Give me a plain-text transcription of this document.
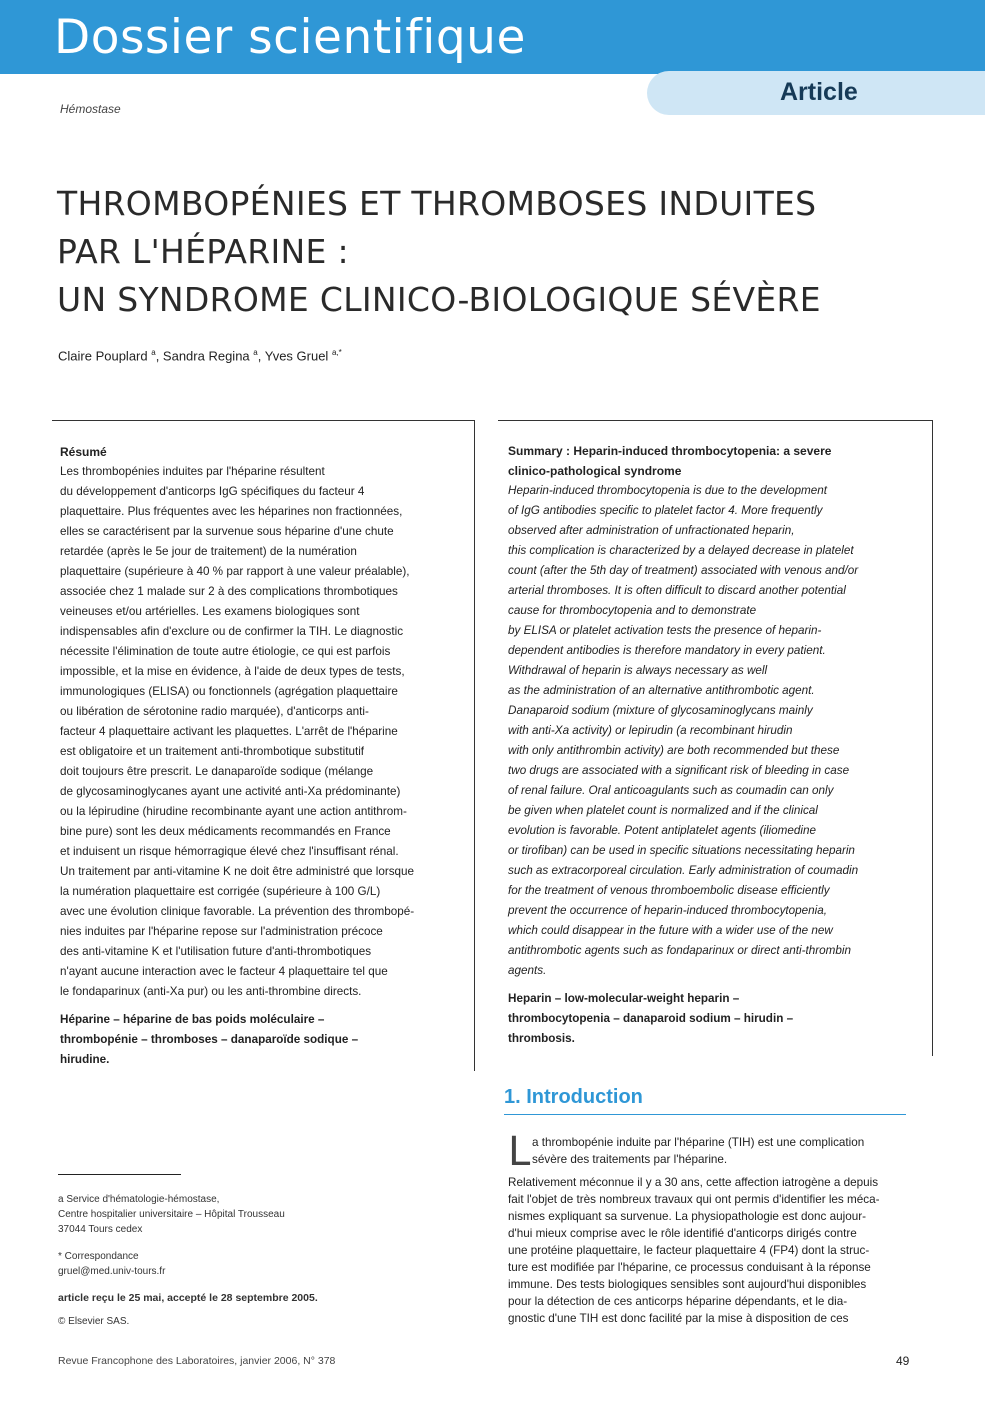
Dossier scientifique
Article
Hémostase
THROMBOPÉNIES ET THROMBOSES INDUITES
PAR L'HÉPARINE :
UN SYNDROME CLINICO-BIOLOGIQUE SÉVÈRE
Claire Pouplard $^a$, Sandra Regina $^a$, Yves Gruel $^{a,*}$
Résumé
Les thrombopénies induites par l'héparine résultent
du développement d'anticorps IgG spécifiques du facteur 4
plaquettaire. Plus fréquentes avec les héparines non fractionnées,
elles se caractérisent par la survenue sous héparine d'une chute
retardée (après le 5e jour de traitement) de la numération
plaquettaire (supérieure à 40 % par rapport à une valeur préalable),
associée chez 1 malade sur 2 à des complications thrombotiques
veineuses et/ou artérielles. Les examens biologiques sont
indispensables afin d'exclure ou de confirmer la TIH. Le diagnostic
nécessite l'élimination de toute autre étiologie, ce qui est parfois
impossible, et la mise en évidence, à l'aide de deux types de tests,
immunologiques (ELISA) ou fonctionnels (agrégation plaquettaire
ou libération de sérotonine radio marquée), d'anticorps anti-
facteur 4 plaquettaire activant les plaquettes. L'arrêt de l'héparine
est obligatoire et un traitement anti-thrombotique substitutif
doit toujours être prescrit. Le danaparoïde sodique (mélange
de glycosaminoglycanes ayant une activité anti-Xa prédominante)
ou la lépirudine (hirudine recombinante ayant une action antithrom-
bine pure) sont les deux médicaments recommandés en France
et induisent un risque hémorragique élevé chez l'insuffisant rénal.
Un traitement par anti-vitamine K ne doit être administré que lorsque
la numération plaquettaire est corrigée (supérieure à 100 G/L)
avec une évolution clinique favorable. La prévention des thrombopé-
nies induites par l'héparine repose sur l'administration précoce
des anti-vitamine K et l'utilisation future d'anti-thrombotiques
n'ayant aucune interaction avec le facteur 4 plaquettaire tel que
le fondaparinux (anti-Xa pur) ou les anti-thrombine directs.
Héparine – héparine de bas poids moléculaire –
thrombopénie – thromboses – danaparoïde sodique –
hirudine.
Summary : Heparin-induced thrombocytopenia: a severe
clinico-pathological syndrome
Heparin-induced thrombocytopenia is due to the development
of IgG antibodies specific to platelet factor 4. More frequently
observed after administration of unfractionated heparin,
this complication is characterized by a delayed decrease in platelet
count (after the 5th day of treatment) associated with venous and/or
arterial thromboses. It is often difficult to discard another potential
cause for thrombocytopenia and to demonstrate
by ELISA or platelet activation tests the presence of heparin-
dependent antibodies is therefore mandatory in every patient.
Withdrawal of heparin is always necessary as well
as the administration of an alternative antithrombotic agent.
Danaparoid sodium (mixture of glycosaminoglycans mainly
with anti-Xa activity) or lepirudin (a recombinant hirudin
with only antithrombin activity) are both recommended but these
two drugs are associated with a significant risk of bleeding in case
of renal failure. Oral anticoagulants such as coumadin can only
be given when platelet count is normalized and if the clinical
evolution is favorable. Potent antiplatelet agents (iliomedine
or tirofiban) can be used in specific situations necessitating heparin
such as extracorporeal circulation. Early administration of coumadin
for the treatment of venous thromboembolic disease efficiently
prevent the occurrence of heparin-induced thrombocytopenia,
which could disappear in the future with a wider use of the new
antithrombotic agents such as fondaparinux or direct anti-thrombin
agents.
Heparin – low-molecular-weight heparin –
thrombocytopenia – danaparoid sodium – hirudin –
thrombosis.
1. Introduction
L a thrombopénie induite par l'héparine (TIH) est une complication
sévère des traitements par l'héparine.
Relativement méconnue il y a 30 ans, cette affection iatrogène a depuis
fait l'objet de très nombreux travaux qui ont permis d'identifier les méca-
nismes expliquant sa survenue. La physiopathologie est donc aujour-
d'hui mieux comprise avec le rôle identifié d'anticorps dirigés contre
une protéine plaquettaire, le facteur plaquettaire 4 (FP4) dont la struc-
ture est modifiée par l'héparine, ce processus conduisant à la réponse
immune. Des tests biologiques sensibles sont aujourd'hui disponibles
pour la détection de ces anticorps héparine dépendants, et le dia-
gnostic d'une TIH est donc facilité par la mise à disposition de ces
a Service d'hématologie-hémostase,
Centre hospitalier universitaire – Hôpital Trousseau
37044 Tours cedex
* Correspondance
gruel@med.univ-tours.fr
article reçu le 25 mai, accepté le 28 septembre 2005.
© Elsevier SAS.
Revue Francophone des Laboratoires, janvier 2006, N° 378	49
